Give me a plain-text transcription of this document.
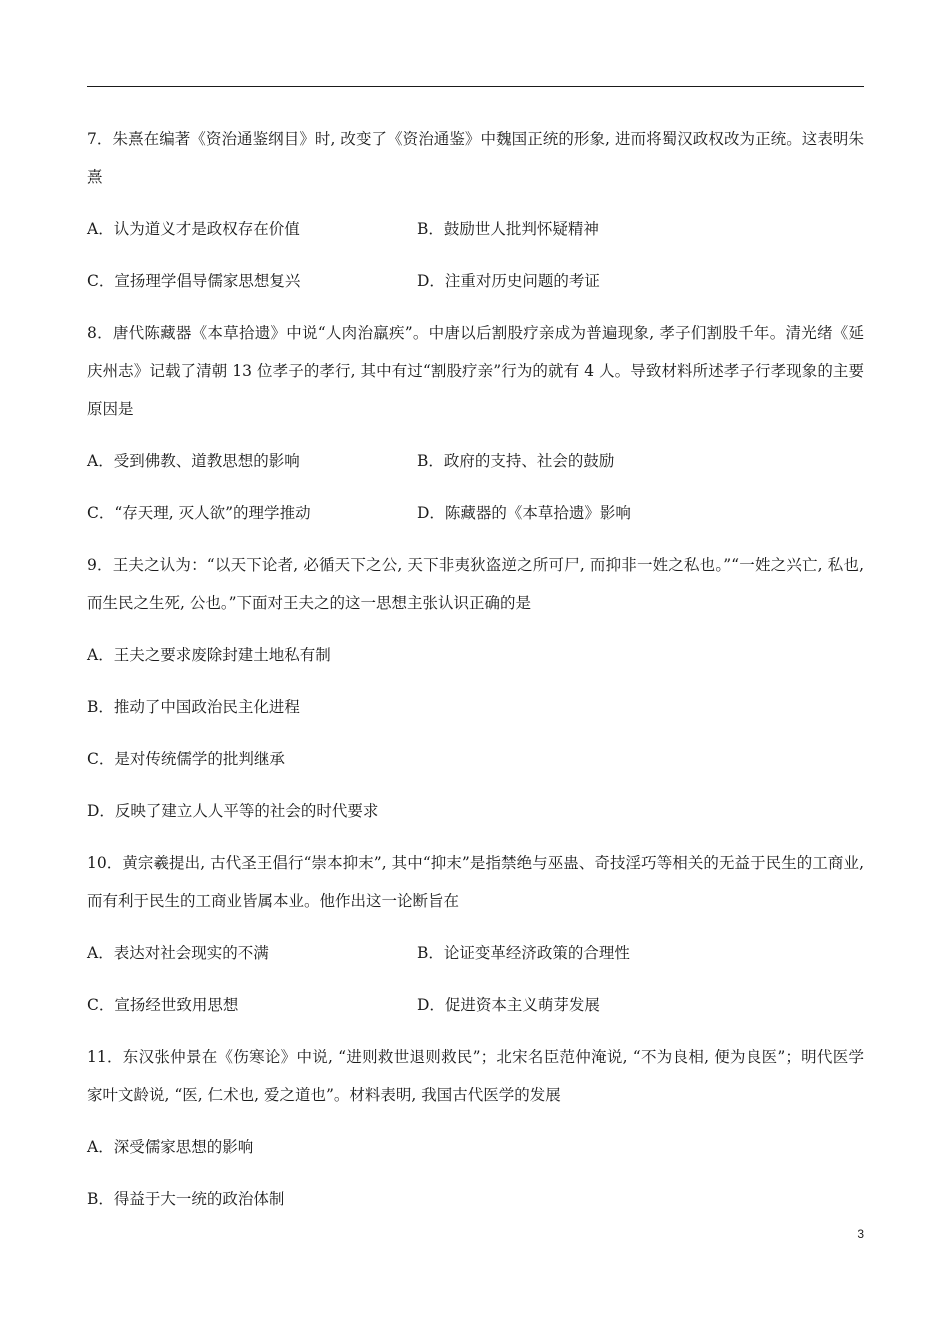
7．朱熹在编著《资治通鉴纲目》时, 改变了《资治通鉴》中魏国正统的形象, 进而将蜀汉政权改为正统。这表明朱熹

A．认为道义才是政权存在价值	B．鼓励世人批判怀疑精神
C．宣扬理学倡导儒家思想复兴	D．注重对历史问题的考证

8．唐代陈藏器《本草拾遗》中说“人肉治羸疾”。中唐以后割股疗亲成为普遍现象, 孝子们割股千年。清光绪《延庆州志》记载了清朝 13 位孝子的孝行, 其中有过“割股疗亲”行为的就有 4 人。导致材料所述孝子行孝现象的主要原因是

A．受到佛教、道教思想的影响	B．政府的支持、社会的鼓励
C．“存天理, 灭人欲”的理学推动	D．陈藏器的《本草拾遗》影响

9．王夫之认为：“以天下论者, 必循天下之公, 天下非夷狄盗逆之所可尸, 而抑非一姓之私也。”“一姓之兴亡, 私也, 而生民之生死, 公也。”下面对王夫之的这一思想主张认识正确的是

A．王夫之要求废除封建土地私有制
B．推动了中国政治民主化进程
C．是对传统儒学的批判继承
D．反映了建立人人平等的社会的时代要求

10．黄宗羲提出, 古代圣王倡行“崇本抑末”, 其中“抑末”是指禁绝与巫蛊、奇技淫巧等相关的无益于民生的工商业, 而有利于民生的工商业皆属本业。他作出这一论断旨在

A．表达对社会现实的不满	B．论证变革经济政策的合理性
C．宣扬经世致用思想	D．促进资本主义萌芽发展

11．东汉张仲景在《伤寒论》中说, “进则救世退则救民”；北宋名臣范仲淹说, “不为良相, 便为良医”；明代医学家叶文龄说, “医, 仁术也, 爱之道也”。材料表明, 我国古代医学的发展

A．深受儒家思想的影响
B．得益于大一统的政治体制
3
